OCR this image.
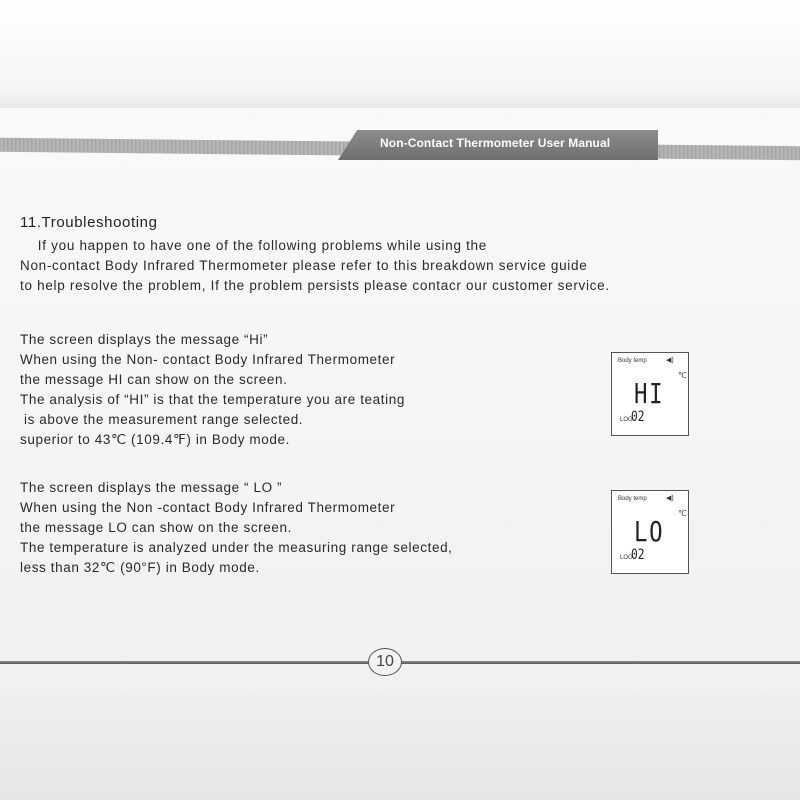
Non-Contact Thermometer User Manual
11.Troubleshooting
If you happen to have one of the following problems while using the
Non-contact Body Infrared Thermometer please refer to this breakdown service guide
to help resolve the problem, If the problem persists please contacr our customer service.
The screen displays the message “Hi”
When using the Non- contact Body Infrared Thermometer
the message HI can show on the screen.
The analysis of “HI” is that the temperature you are teating
is above the measurement range selected.
superior to 43℃ (109.4℉) in Body mode.
Body temp	◀)
HI
℃
LOG
02
The screen displays the message “ LO ”
When using the Non -contact Body Infrared Thermometer
the message LO can show on the screen.
The temperature is analyzed under the measuring range selected,
less than 32℃ (90°F) in Body mode.
Body temp	◀)
LO
℃
LOG
02
10
